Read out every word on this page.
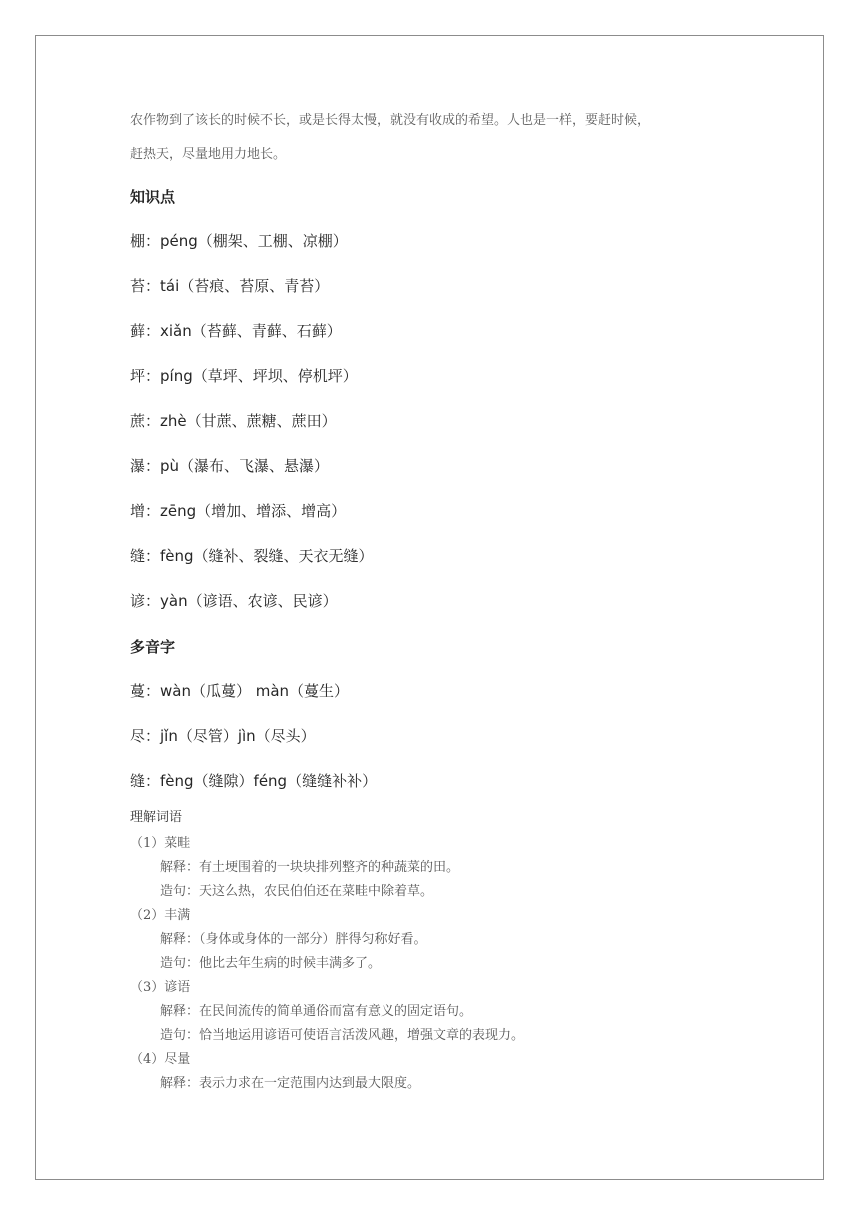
农作物到了该长的时候不长，或是长得太慢，就没有收成的希望。人也是一样，要赶时候，
赶热天，尽量地用力地长。
知识点
棚：péng（棚架、工棚、凉棚）
苔：tái（苔痕、苔原、青苔）
藓：xiǎn（苔藓、青藓、石藓）
坪：píng（草坪、坪坝、停机坪）
蔗：zhè（甘蔗、蔗糖、蔗田）
瀑：pù（瀑布、飞瀑、悬瀑）
增：zēng（增加、增添、增高）
缝：fèng（缝补、裂缝、天衣无缝）
谚：yàn（谚语、农谚、民谚）
多音字
蔓：wàn（瓜蔓） màn（蔓生）
尽：jǐn（尽管）jìn（尽头）
缝：fèng（缝隙）féng（缝缝补补）
理解词语
（1）菜畦
解释：有土埂围着的一块块排列整齐的种蔬菜的田。
造句：天这么热，农民伯伯还在菜畦中除着草。
（2）丰满
解释：（身体或身体的一部分）胖得匀称好看。
造句：他比去年生病的时候丰满多了。
（3）谚语
解释：在民间流传的简单通俗而富有意义的固定语句。
造句：恰当地运用谚语可使语言活泼风趣，增强文章的表现力。
（4）尽量
解释：表示力求在一定范围内达到最大限度。
